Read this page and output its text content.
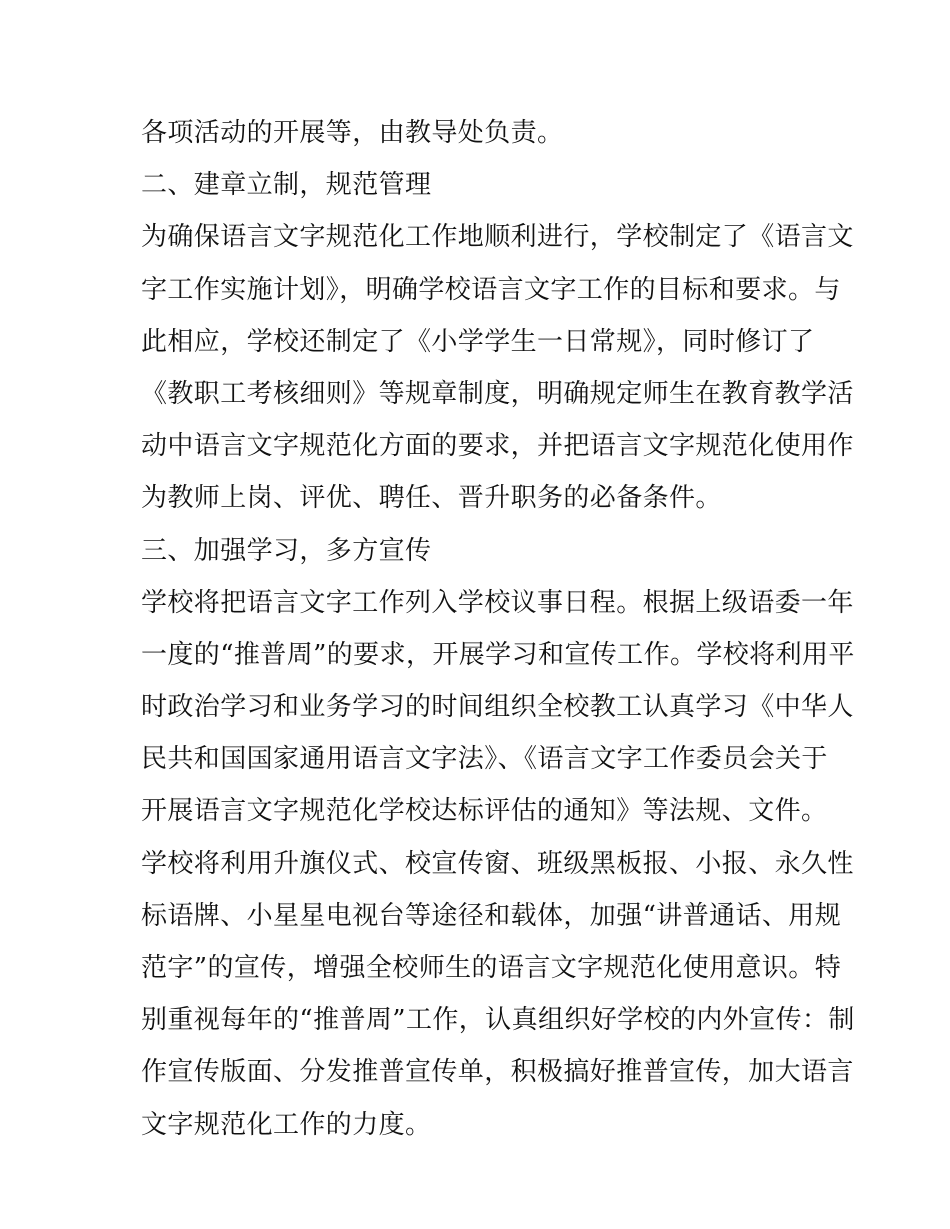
各项活动的开展等，由教导处负责。
二、建章立制，规范管理
为确保语言文字规范化工作地顺利进行，学校制定了《语言文
字工作实施计划》，明确学校语言文字工作的目标和要求。与
此相应，学校还制定了《小学学生一日常规》，同时修订了
《教职工考核细则》等规章制度，明确规定师生在教育教学活
动中语言文字规范化方面的要求，并把语言文字规范化使用作
为教师上岗、评优、聘任、晋升职务的必备条件。
三、加强学习，多方宣传
学校将把语言文字工作列入学校议事日程。根据上级语委一年
一度的“推普周”的要求，开展学习和宣传工作。学校将利用平
时政治学习和业务学习的时间组织全校教工认真学习《中华人
民共和国国家通用语言文字法》、《语言文字工作委员会关于
开展语言文字规范化学校达标评估的通知》等法规、文件。
学校将利用升旗仪式、校宣传窗、班级黑板报、小报、永久性
标语牌、小星星电视台等途径和载体，加强“讲普通话、用规
范字”的宣传，增强全校师生的语言文字规范化使用意识。特
别重视每年的“推普周”工作，认真组织好学校的内外宣传：制
作宣传版面、分发推普宣传单，积极搞好推普宣传，加大语言
文字规范化工作的力度。
